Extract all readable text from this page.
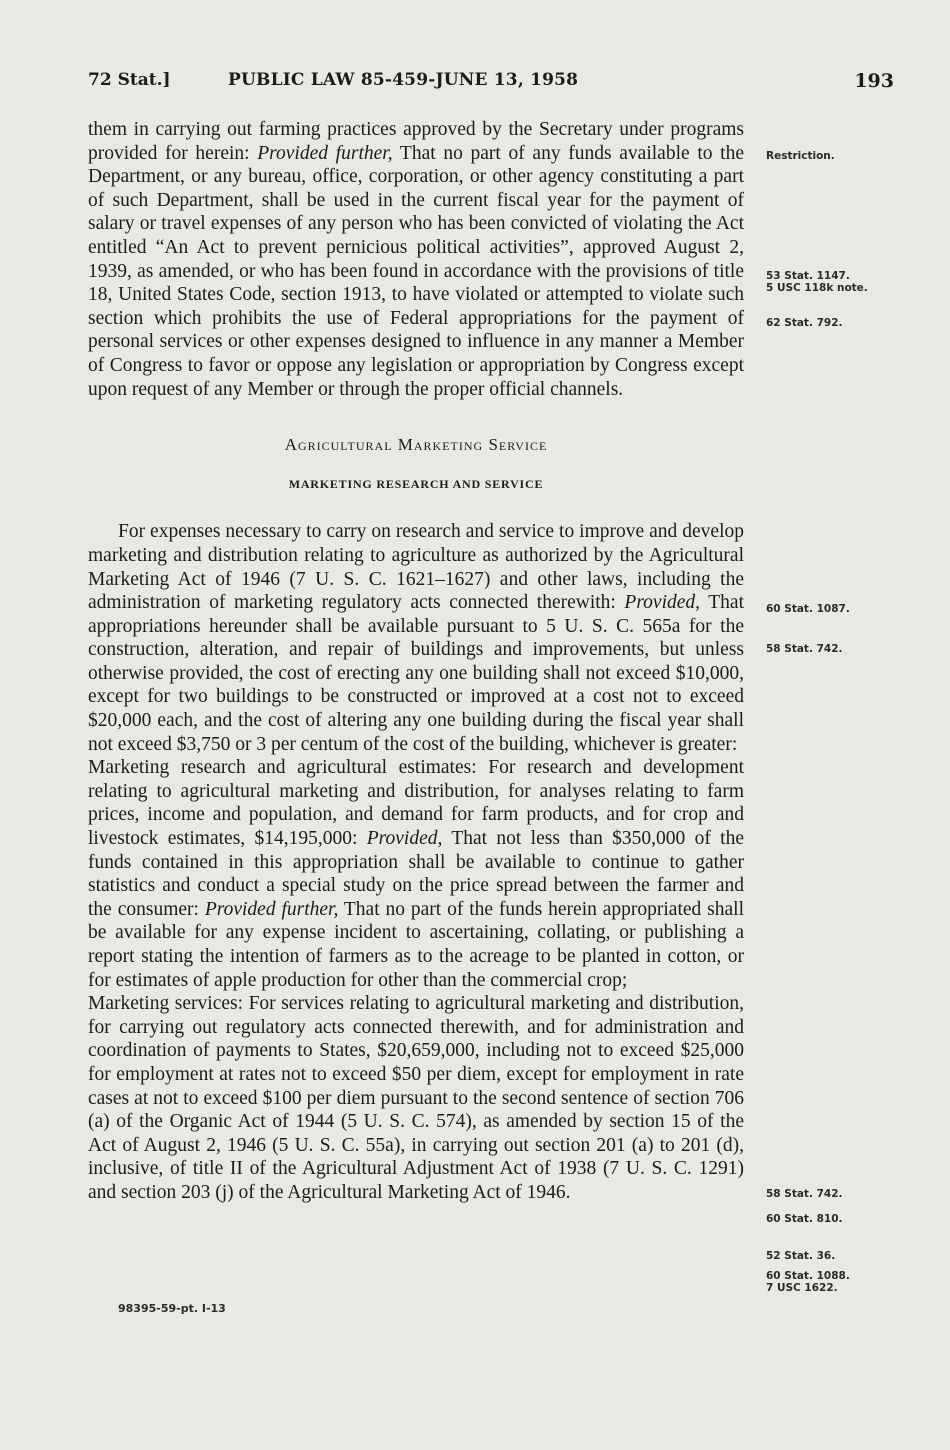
72 Stat.]	PUBLIC LAW 85-459-JUNE 13, 1958	193

them in carrying out farming practices approved by the Secretary under programs provided for herein: Provided further, That no part of any funds available to the Department, or any bureau, office, corporation, or other agency constituting a part of such Department, shall be used in the current fiscal year for the payment of salary or travel expenses of any person who has been convicted of violating the Act entitled “An Act to prevent pernicious political activities”, approved August 2, 1939, as amended, or who has been found in accordance with the provisions of title 18, United States Code, section 1913, to have violated or attempted to violate such section which prohibits the use of Federal appropriations for the payment of personal services or other expenses designed to influence in any manner a Member of Congress to favor or oppose any legislation or appropriation by Congress except upon request of any Member or through the proper official channels.

Agricultural Marketing Service
MARKETING RESEARCH AND SERVICE

For expenses necessary to carry on research and service to improve and develop marketing and distribution relating to agriculture as authorized by the Agricultural Marketing Act of 1946 (7 U. S. C. 1621–1627) and other laws, including the administration of marketing regulatory acts connected therewith: Provided, That appropriations hereunder shall be available pursuant to 5 U. S. C. 565a for the construction, alteration, and repair of buildings and improvements, but unless otherwise provided, the cost of erecting any one building shall not exceed $10,000, except for two buildings to be constructed or improved at a cost not to exceed $20,000 each, and the cost of altering any one building during the fiscal year shall not exceed $3,750 or 3 per centum of the cost of the building, whichever is greater:

Marketing research and agricultural estimates: For research and development relating to agricultural marketing and distribution, for analyses relating to farm prices, income and population, and demand for farm products, and for crop and livestock estimates, $14,195,000: Provided, That not less than $350,000 of the funds contained in this appropriation shall be available to continue to gather statistics and conduct a special study on the price spread between the farmer and the consumer: Provided further, That no part of the funds herein appropriated shall be available for any expense incident to ascertaining, collating, or publishing a report stating the intention of farmers as to the acreage to be planted in cotton, or for estimates of apple production for other than the commercial crop;

Marketing services: For services relating to agricultural marketing and distribution, for carrying out regulatory acts connected therewith, and for administration and coordination of payments to States, $20,659,000, including not to exceed $25,000 for employment at rates not to exceed $50 per diem, except for employment in rate cases at not to exceed $100 per diem pursuant to the second sentence of section 706 (a) of the Organic Act of 1944 (5 U. S. C. 574), as amended by section 15 of the Act of August 2, 1946 (5 U. S. C. 55a), in carrying out section 201 (a) to 201 (d), inclusive, of title II of the Agricultural Adjustment Act of 1938 (7 U. S. C. 1291) and section 203 (j) of the Agricultural Marketing Act of 1946.

Restriction.
53 Stat. 1147.
5 USC 118k note.
62 Stat. 792.
60 Stat. 1087.
58 Stat. 742.
58 Stat. 742.
60 Stat. 810.
52 Stat. 36.
60 Stat. 1088.
7 USC 1622.
98395-59-pt. I-13
